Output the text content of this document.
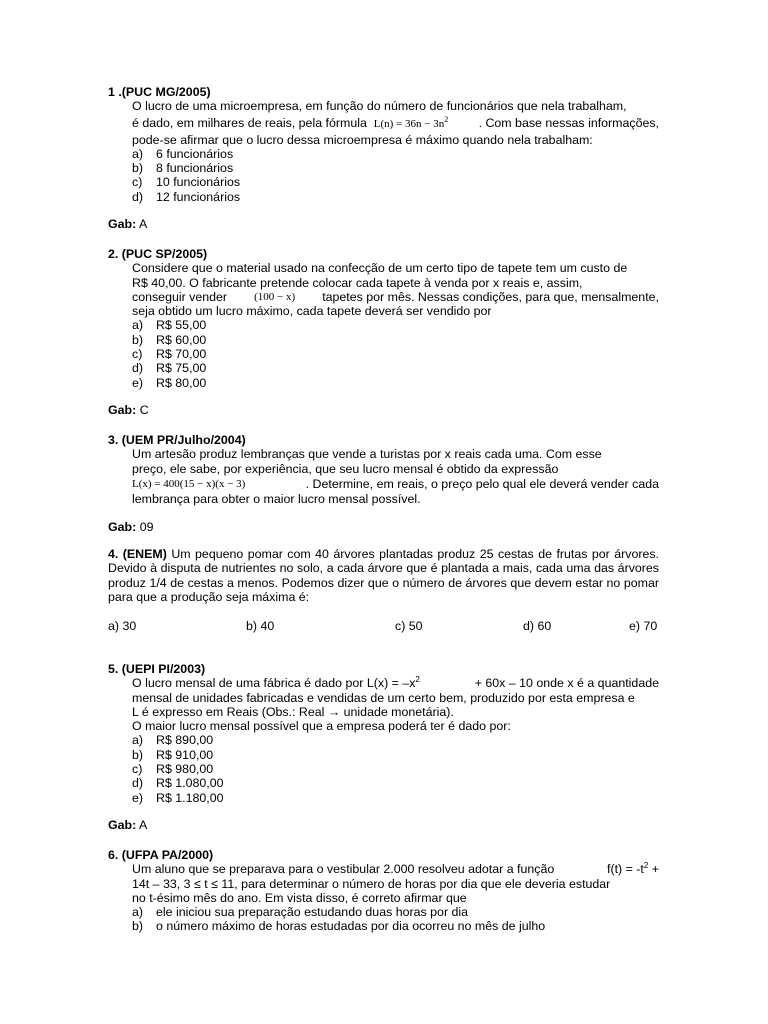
1 .(PUC MG/2005)
O lucro de uma microempresa, em função do número de funcionários que nela trabalham,
é dado, em milhares de reais, pela fórmula $L(n) = 36n - 3n^2$ . Com base nessas informações,
pode-se afirmar que o lucro dessa microempresa é máximo quando nela trabalham:
a)	6 funcionários
b)	8 funcionários
c)	10 funcionários
d)	12 funcionários
Gab: A
2. (PUC SP/2005)
Considere que o material usado na confecção de um certo tipo de tapete tem um custo de
R$ 40,00. O fabricante pretende colocar cada tapete à venda por x reais e, assim,
conseguir vender (100 − x) tapetes por mês. Nessas condições, para que, mensalmente,
seja obtido um lucro máximo, cada tapete deverá ser vendido por
a)	R$ 55,00
b)	R$ 60,00
c)	R$ 70,00
d)	R$ 75,00
e)	R$ 80,00
Gab: C
3. (UEM PR/Julho/2004)
Um artesão produz lembranças que vende a turistas por x reais cada uma. Com esse
preço, ele sabe, por experiência, que seu lucro mensal é obtido da expressão
L(x) = 400(15 − x)(x − 3)	. Determine, em reais, o preço pelo qual ele deverá vender cada
lembrança para obter o maior lucro mensal possível.
Gab: 09
4. (ENEM) Um pequeno pomar com 40 árvores plantadas produz 25 cestas de frutas por árvores. Devido à disputa de nutrientes no solo, a cada árvore que é plantada a mais, cada uma das árvores produz 1/4 de cestas a menos. Podemos dizer que o número de árvores que devem estar no pomar para que a produção seja máxima é:
a) 30	b) 40	c) 50	d) 60	e) 70
5. (UEPI PI/2003)
O lucro mensal de uma fábrica é dado por $L(x) = -x^2$	+ 60x – 10 onde x é a quantidade
mensal de unidades fabricadas e vendidas de um certo bem, produzido por esta empresa e
L é expresso em Reais (Obs.: Real → unidade monetária).
O maior lucro mensal possível que a empresa poderá ter é dado por:
a)	R$ 890,00
b)	R$ 910,00
c)	R$ 980,00
d)	R$ 1.080,00
e)	R$ 1.180,00
Gab: A
6. (UFPA PA/2000)
Um aluno que se preparava para o vestibular 2.000 resolveu adotar a função	$f(t) = -t^2$ +
14t – 33, 3 ≤ t ≤ 11, para determinar o número de horas por dia que ele deveria estudar
no t-ésimo mês do ano. Em vista disso, é correto afirmar que
a)	ele iniciou sua preparação estudando duas horas por dia
b)	o número máximo de horas estudadas por dia ocorreu no mês de julho
